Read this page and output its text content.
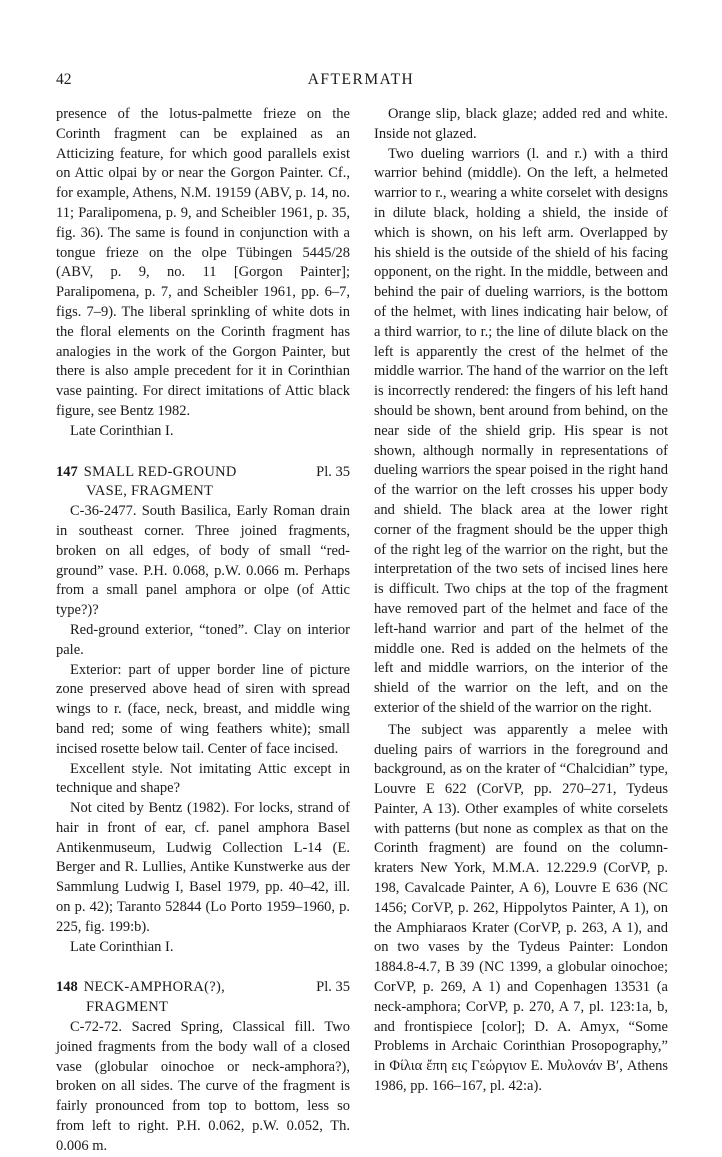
AFTERMATH
42

presence of the lotus-palmette frieze on the Corinth fragment can be explained as an Atticizing feature, for which good parallels exist on Attic olpai by or near the Gorgon Painter. Cf., for example, Athens, N.M. 19159 (ABV, p. 14, no. 11; Paralipomena, p. 9, and Scheibler 1961, p. 35, fig. 36). The same is found in conjunction with a tongue frieze on the olpe Tübingen 5445/28 (ABV, p. 9, no. 11 [Gorgon Painter]; Paralipomena, p. 7, and Scheibler 1961, pp. 6–7, figs. 7–9). The liberal sprinkling of white dots in the floral elements on the Corinth fragment has analogies in the work of the Gorgon Painter, but there is also ample precedent for it in Corinthian vase painting. For direct imitations of Attic black figure, see Bentz 1982.

Late Corinthian I.

147 SMALL RED-GROUND	Pl. 35
VASE, FRAGMENT

C-36-2477. South Basilica, Early Roman drain in southeast corner. Three joined fragments, broken on all edges, of body of small “red-ground” vase. P.H. 0.068, p.W. 0.066 m. Perhaps from a small panel amphora or olpe (of Attic type?)?

Red-ground exterior, “toned”. Clay on interior pale.

Exterior: part of upper border line of picture zone preserved above head of siren with spread wings to r. (face, neck, breast, and middle wing band red; some of wing feathers white); small incised rosette below tail. Center of face incised.

Excellent style. Not imitating Attic except in technique and shape?

Not cited by Bentz (1982). For locks, strand of hair in front of ear, cf. panel amphora Basel Antikenmuseum, Ludwig Collection L-14 (E. Berger and R. Lullies, Antike Kunstwerke aus der Sammlung Ludwig I, Basel 1979, pp. 40–42, ill. on p. 42); Taranto 52844 (Lo Porto 1959–1960, p. 225, fig. 199:b).

Late Corinthian I.

148 NECK-AMPHORA(?),	Pl. 35
FRAGMENT

C-72-72. Sacred Spring, Classical fill. Two joined fragments from the body wall of a closed vase (globular oinochoe or neck-amphora?), broken on all sides. The curve of the fragment is fairly pronounced from top to bottom, less so from left to right. P.H. 0.062, p.W. 0.052, Th. 0.006 m.

Orange slip, black glaze; added red and white. Inside not glazed.

Two dueling warriors (l. and r.) with a third warrior behind (middle). On the left, a helmeted warrior to r., wearing a white corselet with designs in dilute black, holding a shield, the inside of which is shown, on his left arm. Overlapped by his shield is the outside of the shield of his facing opponent, on the right. In the middle, between and behind the pair of dueling warriors, is the bottom of the helmet, with lines indicating hair below, of a third warrior, to r.; the line of dilute black on the left is apparently the crest of the helmet of the middle warrior. The hand of the warrior on the left is incorrectly rendered: the fingers of his left hand should be shown, bent around from behind, on the near side of the shield grip. His spear is not shown, although normally in representations of dueling warriors the spear poised in the right hand of the warrior on the left crosses his upper body and shield. The black area at the lower right corner of the fragment should be the upper thigh of the right leg of the warrior on the right, but the interpretation of the two sets of incised lines here is difficult. Two chips at the top of the fragment have removed part of the helmet and face of the left-hand warrior and part of the helmet of the middle one. Red is added on the helmets of the left and middle warriors, on the interior of the shield of the warrior on the left, and on the exterior of the shield of the warrior on the right.

The subject was apparently a melee with dueling pairs of warriors in the foreground and background, as on the krater of “Chalcidian” type, Louvre E 622 (CorVP, pp. 270–271, Tydeus Painter, A 13). Other examples of white corselets with patterns (but none as complex as that on the Corinth fragment) are found on the column-kraters New York, M.M.A. 12.229.9 (CorVP, p. 198, Cavalcade Painter, A 6), Louvre E 636 (NC 1456; CorVP, p. 262, Hippolytos Painter, A 1), on the Amphiaraos Krater (CorVP, p. 263, A 1), and on two vases by the Tydeus Painter: London 1884.8-4.7, B 39 (NC 1399, a globular oinochoe; CorVP, p. 269, A 1) and Copenhagen 13531 (a neck-amphora; CorVP, p. 270, A 7, pl. 123:1a, b, and frontispiece [color]; D. A. Amyx, “Some Problems in Archaic Corinthian Prosopography,” in Φίλια ἔπη εις Γεώργιον Ε. Μυλονάν Β′, Athens 1986, pp. 166–167, pl. 42:a).
